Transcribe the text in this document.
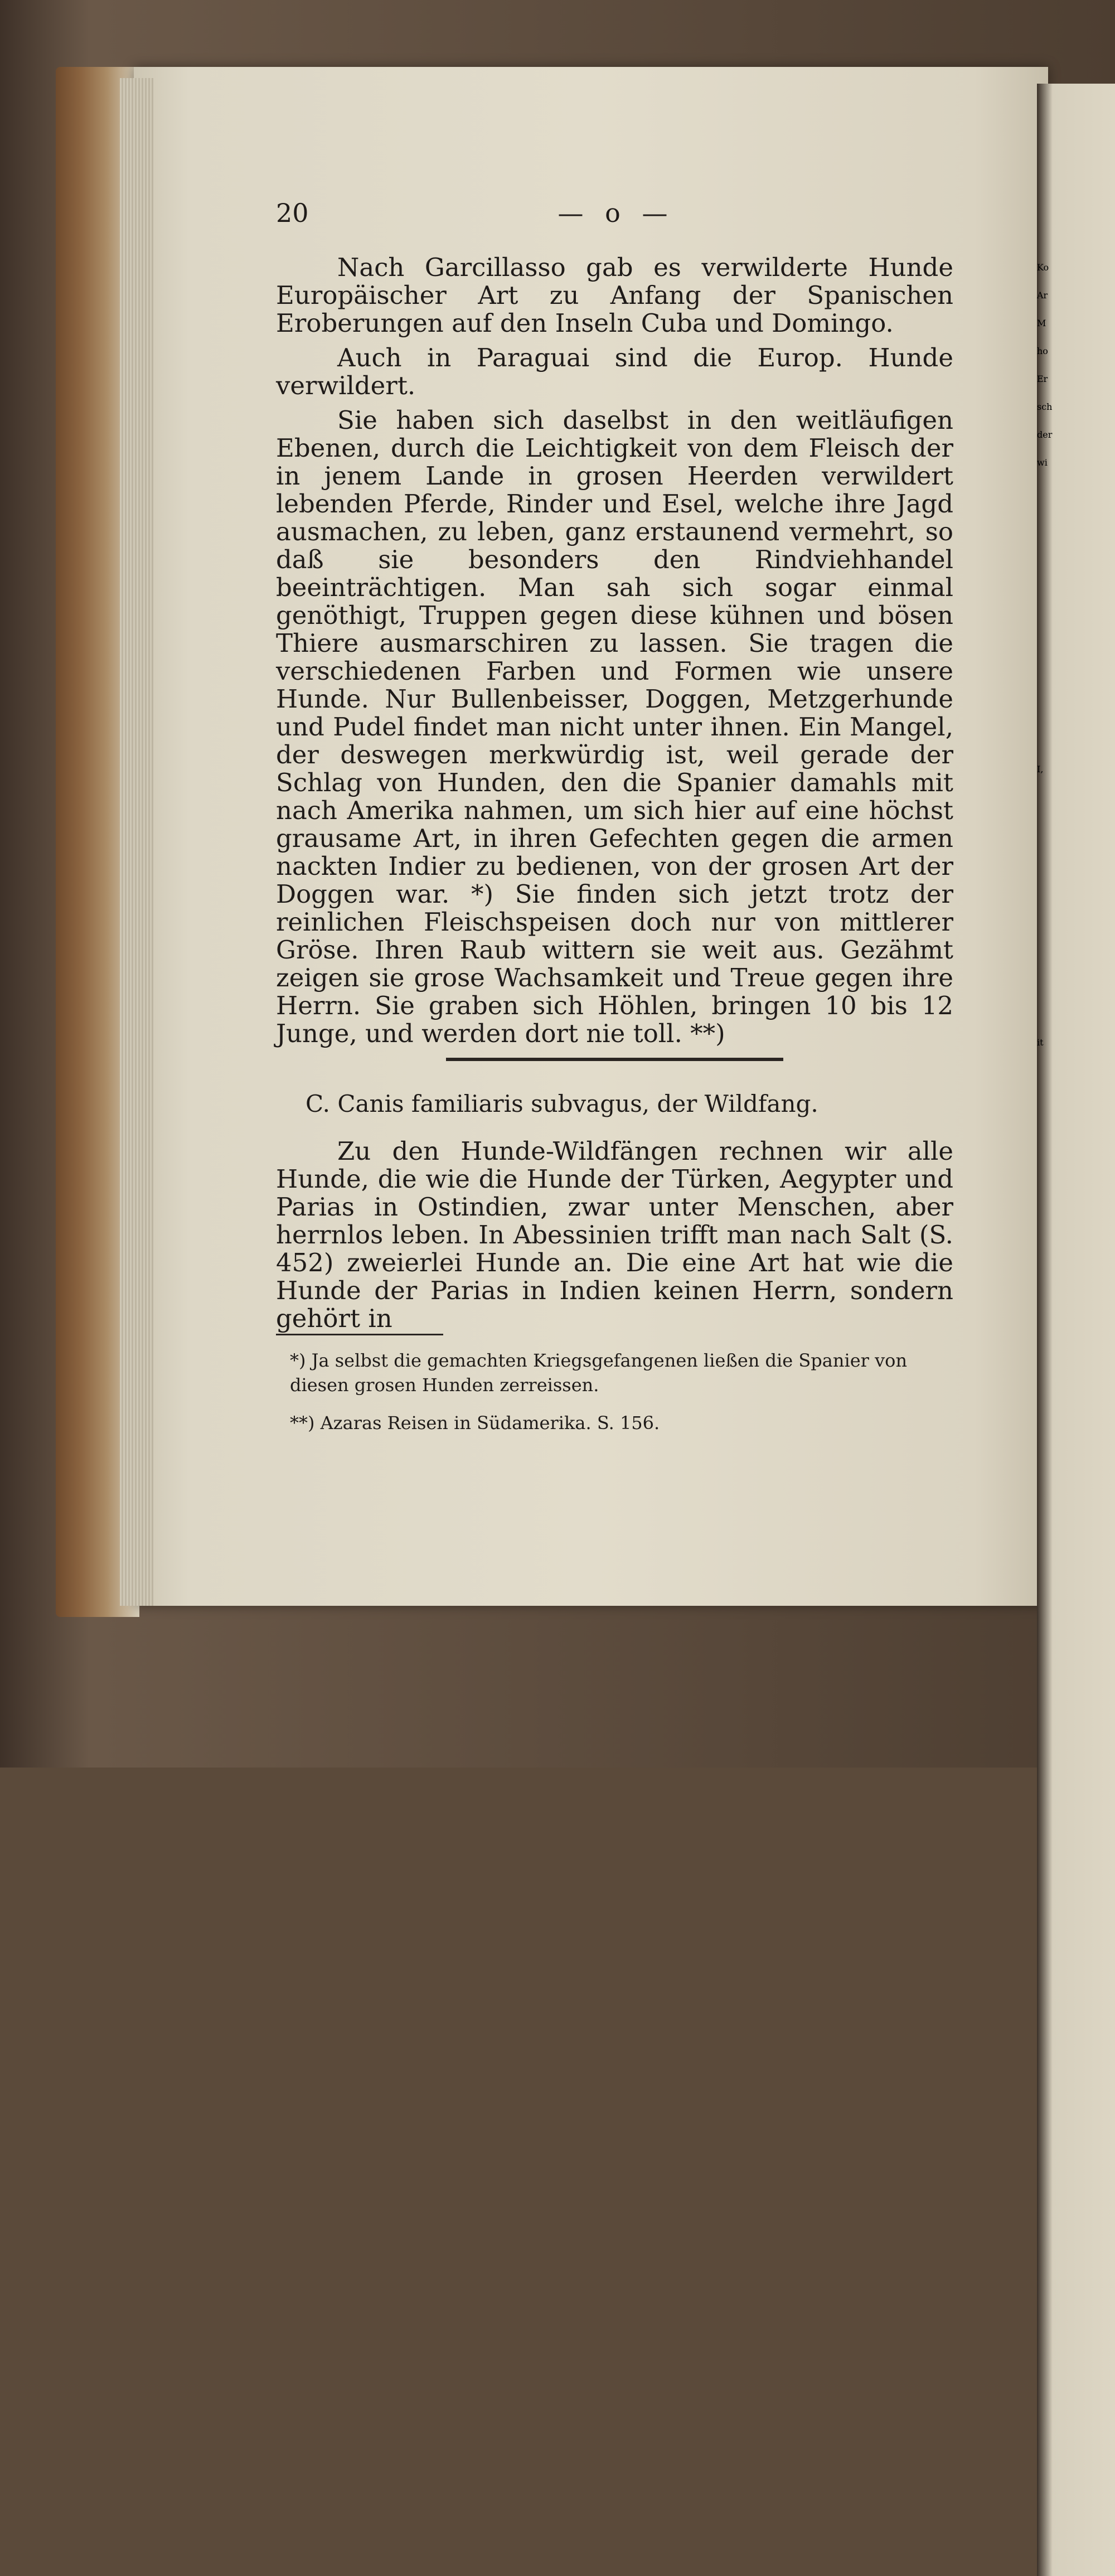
Ko
Ar
M
ho
Er
sch
der
wi
I,
it
20	— o —

Nach Garcillasso gab es verwilderte Hunde Europäischer Art zu Anfang der Spanischen Eroberungen auf den Inseln Cuba und Domingo.

Auch in Paraguai sind die Europ. Hunde verwildert.

Sie haben sich daselbst in den weitläufigen Ebenen, durch die Leichtigkeit von dem Fleisch der in jenem Lande in grosen Heerden verwildert lebenden Pferde, Rinder und Esel, welche ihre Jagd ausmachen, zu leben, ganz erstaunend vermehrt, so daß sie besonders den Rindviehhandel beeinträchtigen. Man sah sich sogar einmal genöthigt, Truppen gegen diese kühnen und bösen Thiere ausmarschiren zu lassen. Sie tragen die verschiedenen Farben und Formen wie unsere Hunde. Nur Bullenbeisser, Doggen, Metzgerhunde und Pudel findet man nicht unter ihnen. Ein Mangel, der deswegen merkwürdig ist, weil gerade der Schlag von Hunden, den die Spanier damahls mit nach Amerika nahmen, um sich hier auf eine höchst grausame Art, in ihren Gefechten gegen die armen nackten Indier zu bedienen, von der grosen Art der Doggen war. *) Sie finden sich jetzt trotz der reinlichen Fleischspeisen doch nur von mittlerer Gröse. Ihren Raub wittern sie weit aus. Gezähmt zeigen sie grose Wachsamkeit und Treue gegen ihre Herrn. Sie graben sich Höhlen, bringen 10 bis 12 Junge, und werden dort nie toll. **)

C. Canis familiaris subvagus, der Wildfang.

Zu den Hunde-Wildfängen rechnen wir alle Hunde, die wie die Hunde der Türken, Aegypter und Parias in Ostindien, zwar unter Menschen, aber herrnlos leben. In Abessinien trifft man nach Salt (S. 452) zweierlei Hunde an. Die eine Art hat wie die Hunde der Parias in Indien keinen Herrn, sondern gehört in

*) Ja selbst die gemachten Kriegsgefangenen ließen die Spanier von diesen grosen Hunden zerreissen.
**) Azaras Reisen in Südamerika. S. 156.
